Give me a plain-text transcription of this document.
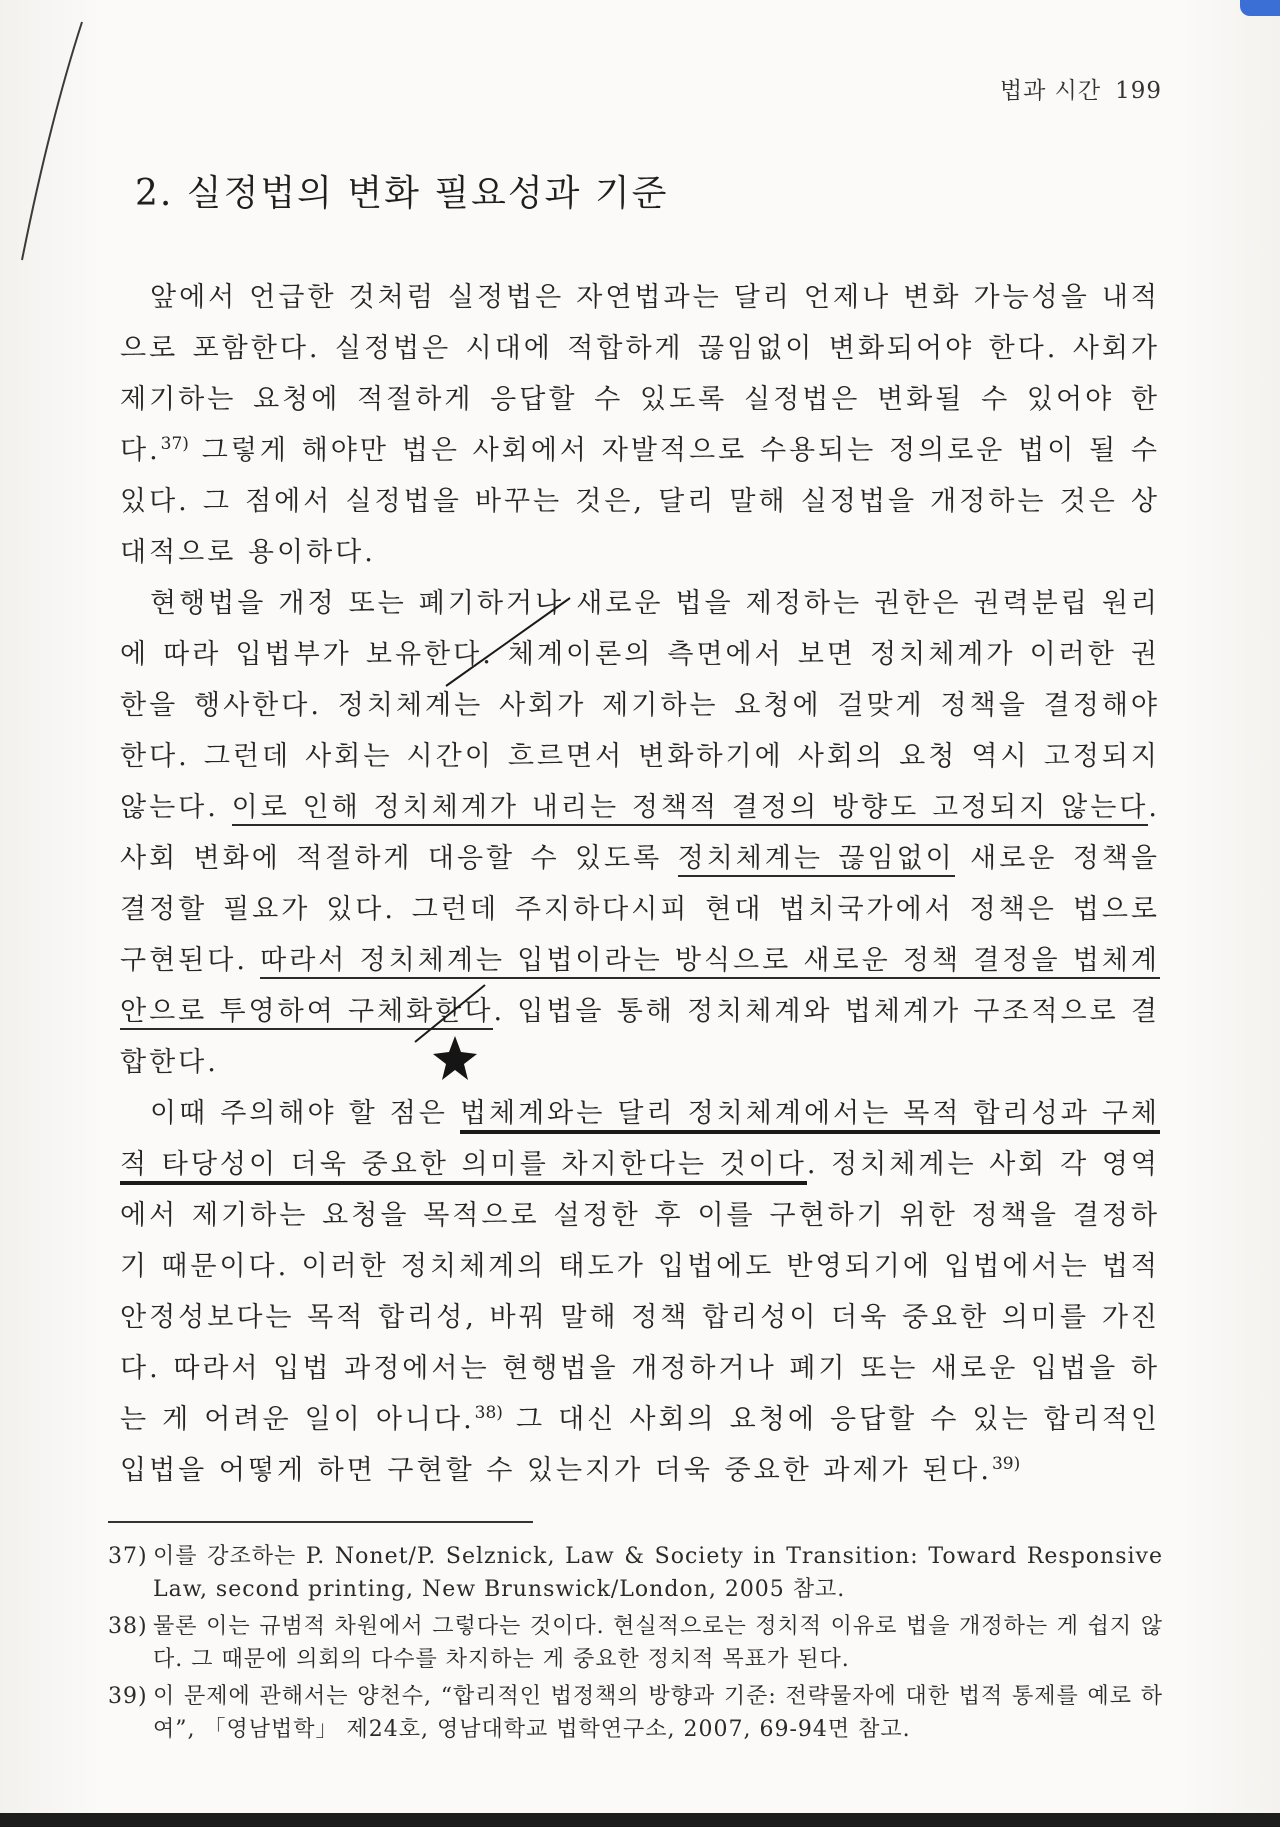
법과 시간 199
2. 실정법의 변화 필요성과 기준

앞에서 언급한 것처럼 실정법은 자연법과는 달리 언제나 변화 가능성을 내적으로 포함한다. 실정법은 시대에 적합하게 끊임없이 변화되어야 한다. 사회가 제기하는 요청에 적절하게 응답할 수 있도록 실정법은 변화될 수 있어야 한다.$^{37)}$ 그렇게 해야만 법은 사회에서 자발적으로 수용되는 정의로운 법이 될 수 있다. 그 점에서 실정법을 바꾸는 것은, 달리 말해 실정법을 개정하는 것은 상대적으로 용이하다.

현행법을 개정 또는 폐기하거나 새로운 법을 제정하는 권한은 권력분립 원리에 따라 입법부가 보유한다. 체계이론의 측면에서 보면 정치체계가 이러한 권한을 행사한다. 정치체계는 사회가 제기하는 요청에 걸맞게 정책을 결정해야 한다. 그런데 사회는 시간이 흐르면서 변화하기에 사회의 요청 역시 고정되지 않는다. 이로 인해 정치체계가 내리는 정책적 결정의 방향도 고정되지 않는다. 사회 변화에 적절하게 대응할 수 있도록 정치체계는 끊임없이 새로운 정책을 결정할 필요가 있다. 그런데 주지하다시피 현대 법치국가에서 정책은 법으로 구현된다. 따라서 정치체계는 입법이라는 방식으로 새로운 정책 결정을 법체계 안으로 투영하여 구체화한다. 입법을 통해 정치체계와 법체계가 구조적으로 결합한다.

이때 주의해야 할 점은 법체계와는 달리 정치체계에서는 목적 합리성과 구체적 타당성이 더욱 중요한 의미를 차지한다는 것이다. 정치체계는 사회 각 영역에서 제기하는 요청을 목적으로 설정한 후 이를 구현하기 위한 정책을 결정하기 때문이다. 이러한 정치체계의 태도가 입법에도 반영되기에 입법에서는 법적 안정성보다는 목적 합리성, 바꿔 말해 정책 합리성이 더욱 중요한 의미를 가진다. 따라서 입법 과정에서는 현행법을 개정하거나 폐기 또는 새로운 입법을 하는 게 어려운 일이 아니다.$^{38)}$ 그 대신 사회의 요청에 응답할 수 있는 합리적인 입법을 어떻게 하면 구현할 수 있는지가 더욱 중요한 과제가 된다.$^{39)}$

37) 이를 강조하는 P. Nonet/P. Selznick, Law & Society in Transition: Toward Responsive Law, second printing, New Brunswick/London, 2005 참고.

38) 물론 이는 규범적 차원에서 그렇다는 것이다. 현실적으로는 정치적 이유로 법을 개정하는 게 쉽지 않다. 그 때문에 의회의 다수를 차지하는 게 중요한 정치적 목표가 된다.

39) 이 문제에 관해서는 양천수, “합리적인 법정책의 방향과 기준: 전략물자에 대한 법적 통제를 예로 하여”, 「영남법학」 제24호, 영남대학교 법학연구소, 2007, 69-94면 참고.
